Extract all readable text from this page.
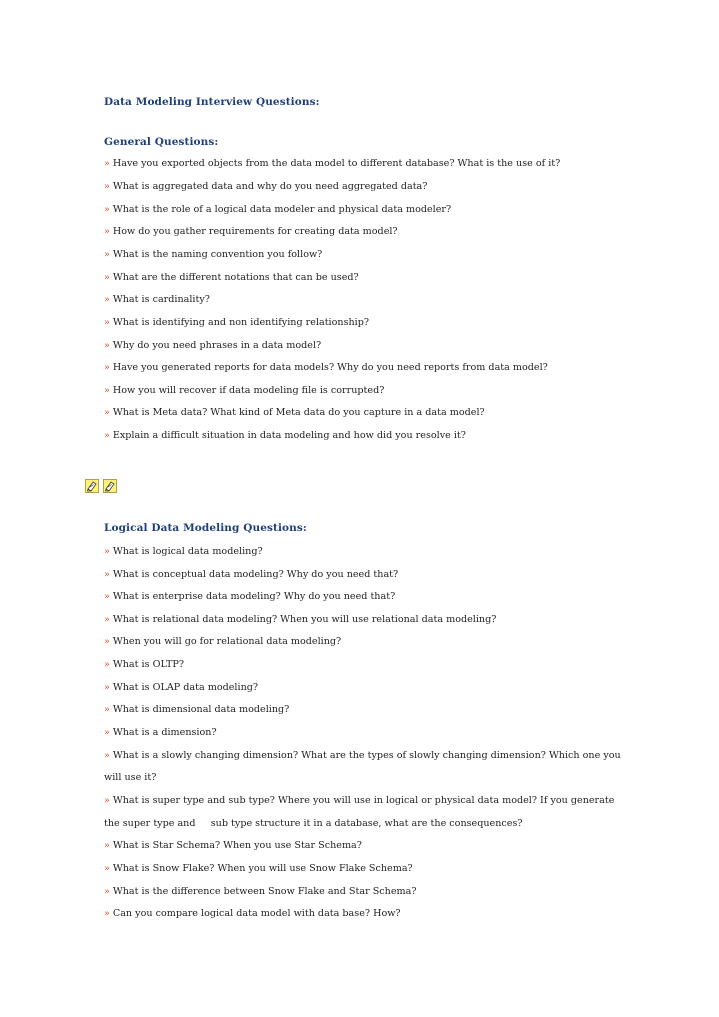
Data Modeling Interview Questions:
General Questions:
» Have you exported objects from the data model to different database? What is the use of it?
» What is aggregated data and why do you need aggregated data?
» What is the role of a logical data modeler and physical data modeler?
» How do you gather requirements for creating data model?
» What is the naming convention you follow?
» What are the different notations that can be used?
» What is cardinality?
» What is identifying and non identifying relationship?
» Why do you need phrases in a data model?
» Have you generated reports for data models? Why do you need reports from data model?
» How you will recover if data modeling file is corrupted?
» What is Meta data? What kind of Meta data do you capture in a data model?
» Explain a difficult situation in data modeling and how did you resolve it?
Logical Data Modeling Questions:
» What is logical data modeling?
» What is conceptual data modeling? Why do you need that?
» What is enterprise data modeling? Why do you need that?
» What is relational data modeling? When you will use relational data modeling?
» When you will go for relational data modeling?
» What is OLTP?
» What is OLAP data modeling?
» What is dimensional data modeling?
» What is a dimension?
» What is a slowly changing dimension? What are the types of slowly changing dimension? Which one you
will use it?
» What is super type and sub type? Where you will use in logical or physical data model? If you generate
the super type and     sub type structure it in a database, what are the consequences?
» What is Star Schema? When you use Star Schema?
» What is Snow Flake? When you will use Snow Flake Schema?
» What is the difference between Snow Flake and Star Schema?
» Can you compare logical data model with data base? How?
